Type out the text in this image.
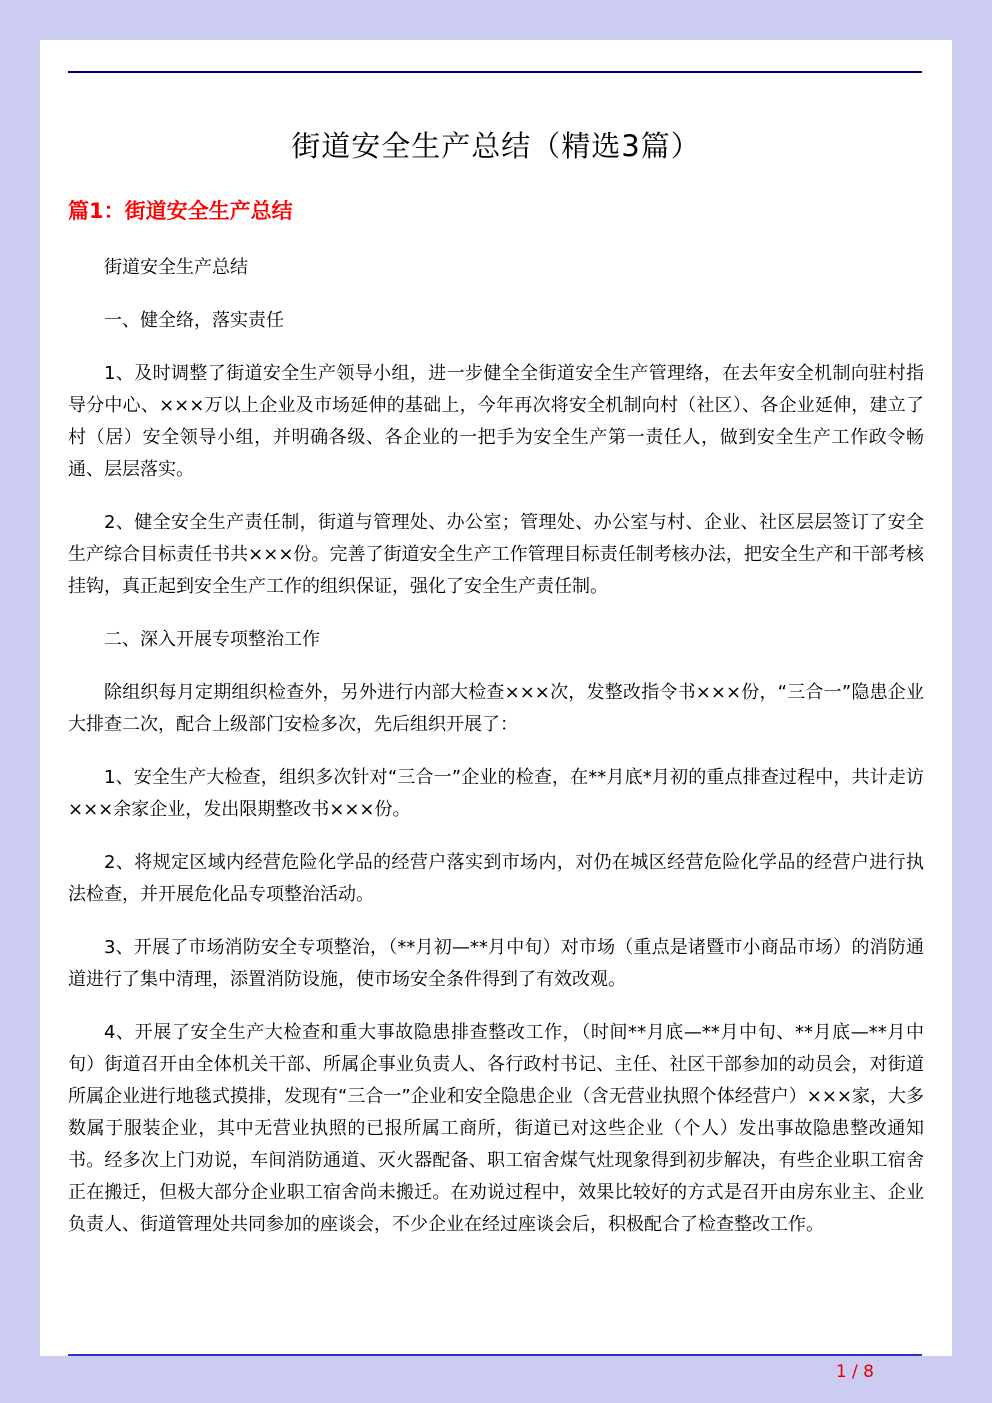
街道安全生产总结（精选3篇）
篇1：街道安全生产总结

街道安全生产总结

一、健全络，落实责任

1、及时调整了街道安全生产领导小组，进一步健全全街道安全生产管理络，在去年安全机制向驻村指导分中心、×××万以上企业及市场延伸的基础上，今年再次将安全机制向村（社区）、各企业延伸，建立了村（居）安全领导小组，并明确各级、各企业的一把手为安全生产第一责任人，做到安全生产工作政令畅通、层层落实。

2、健全安全生产责任制，街道与管理处、办公室；管理处、办公室与村、企业、社区层层签订了安全生产综合目标责任书共×××份。完善了街道安全生产工作管理目标责任制考核办法，把安全生产和干部考核挂钩，真正起到安全生产工作的组织保证，强化了安全生产责任制。

二、深入开展专项整治工作

除组织每月定期组织检查外，另外进行内部大检查×××次，发整改指令书×××份，“三合一”隐患企业大排查二次，配合上级部门安检多次，先后组织开展了：

1、安全生产大检查，组织多次针对“三合一”企业的检查，在**月底*月初的重点排查过程中，共计走访×××余家企业，发出限期整改书×××份。

2、将规定区域内经营危险化学品的经营户落实到市场内，对仍在城区经营危险化学品的经营户进行执法检查，并开展危化品专项整治活动。

3、开展了市场消防安全专项整治，（**月初—**月中旬）对市场（重点是诸暨市小商品市场）的消防通道进行了集中清理，添置消防设施，使市场安全条件得到了有效改观。

4、开展了安全生产大检查和重大事故隐患排查整改工作，（时间**月底—**月中旬、**月底—**月中旬）街道召开由全体机关干部、所属企事业负责人、各行政村书记、主任、社区干部参加的动员会，对街道所属企业进行地毯式摸排，发现有“三合一”企业和安全隐患企业（含无营业执照个体经营户）×××家，大多数属于服装企业，其中无营业执照的已报所属工商所，街道已对这些企业（个人）发出事故隐患整改通知书。经多次上门劝说，车间消防通道、灭火器配备、职工宿舍煤气灶现象得到初步解决，有些企业职工宿舍正在搬迁，但极大部分企业职工宿舍尚未搬迁。在劝说过程中，效果比较好的方式是召开由房东业主、企业负责人、街道管理处共同参加的座谈会，不少企业在经过座谈会后，积极配合了检查整改工作。

1 / 8
